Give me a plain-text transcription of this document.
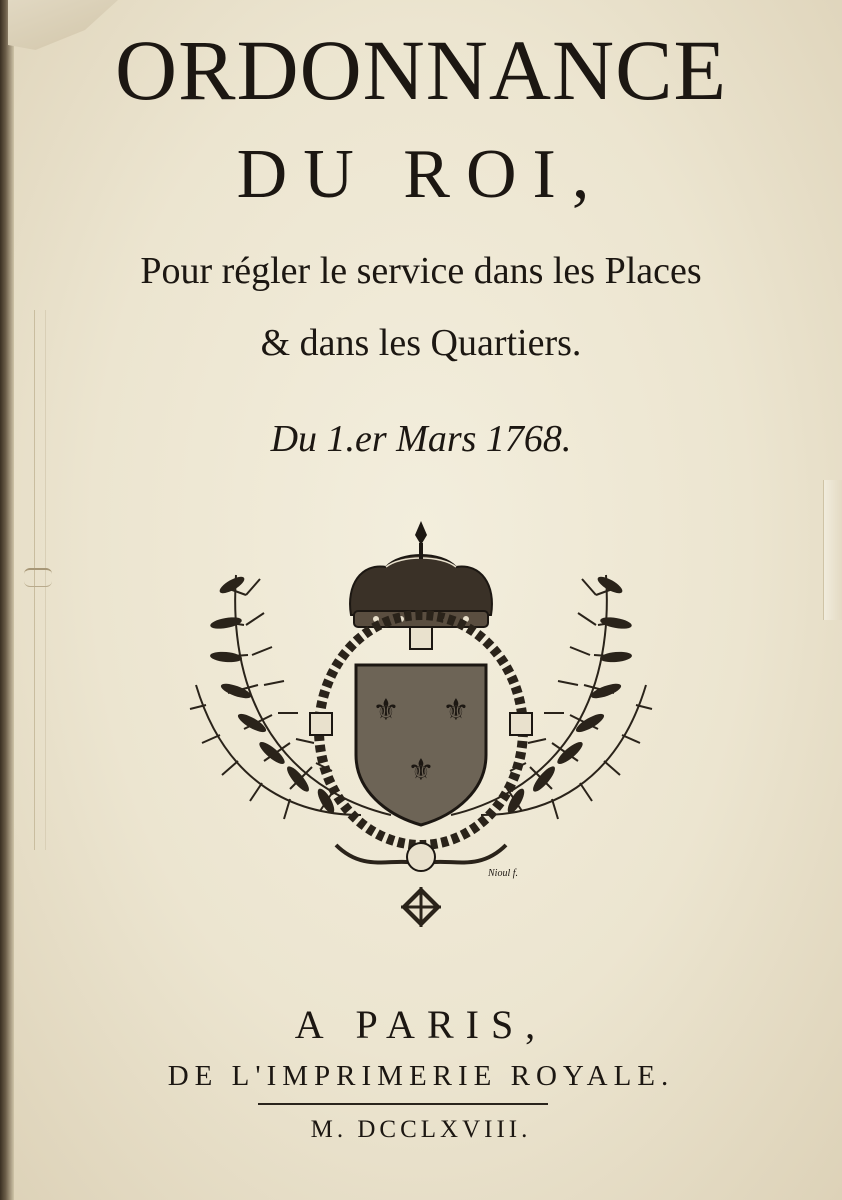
ORDONNANCE
DU ROI,
Pour régler le service dans les Places
& dans les Quartiers.
Du 1.er Mars 1768.
⚜ ⚜
⚜
Nioul f.
A PARIS,
DE L'IMPRIMERIE ROYALE.
M. DCCLXVIII.
